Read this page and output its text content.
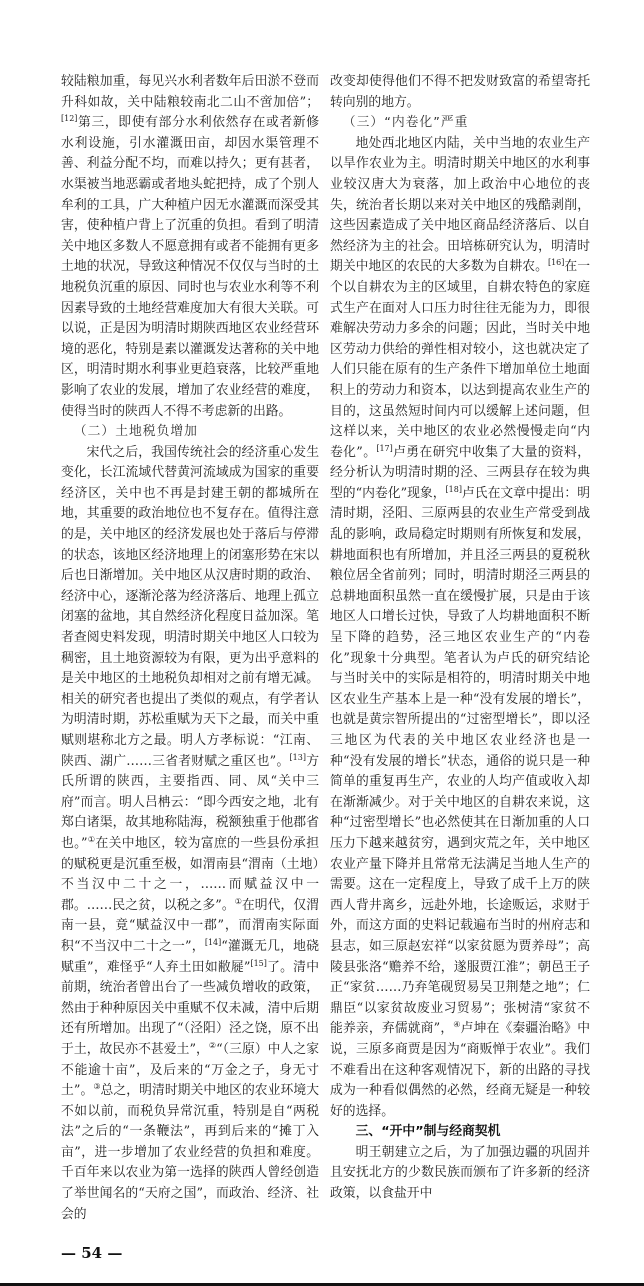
较陆粮加重，每见兴水利者数年后田淤不登而升科如故，关中陆粮较南北二山不啻加倍”；[12]第三，即使有部分水利依然存在或者新修水利设施，引水灌溉田亩，却因水渠管理不善、利益分配不均，而难以持久；更有甚者，水渠被当地恶霸或者地头蛇把持，成了个别人牟利的工具，广大种植户因无水灌溉而深受其害，使种植户背上了沉重的负担。看到了明清关中地区多数人不愿意拥有或者不能拥有更多土地的状况，导致这种情况不仅仅与当时的土地税负沉重的原因、同时也与农业水利等不利因素导致的土地经营难度加大有很大关联。可以说，正是因为明清时期陕西地区农业经营环境的恶化，特别是素以灌溉发达著称的关中地区，明清时期水利事业更趋衰落，比较严重地影响了农业的发展，增加了农业经营的难度，使得当时的陕西人不得不考虑新的出路。

（二）土地税负增加

宋代之后，我国传统社会的经济重心发生变化，长江流域代替黄河流域成为国家的重要经济区，关中也不再是封建王朝的都城所在地，其重要的政治地位也不复存在。值得注意的是，关中地区的经济发展也处于落后与停滞的状态，该地区经济地理上的闭塞形势在宋以后也日渐增加。关中地区从汉唐时期的政治、经济中心，逐渐沦落为经济落后、地理上孤立闭塞的盆地，其自然经济化程度日益加深。笔者查阅史料发现，明清时期关中地区人口较为稠密，且土地资源较为有限，更为出乎意料的是关中地区的土地税负却相对之前有增无减。相关的研究者也提出了类似的观点，有学者认为明清时期，苏松重赋为天下之最，而关中重赋则堪称北方之最。明人方孝标说：“江南、陕西、湖广……三省者财赋之重区也”。[13]方氏所谓的陕西，主要指西、同、凤“关中三府”而言。明人吕柟云：“即今西安之地，北有郑白诸渠，故其地称陆海，税额独重于他郡省也。”①在关中地区，较为富庶的一些县份承担的赋税更是沉重至极，如渭南县“渭南（土地）不当汉中二十之一，……而赋益汉中一郡。……民之贫，以税之多”。①在明代，仅渭南一县，竟“赋益汉中一郡”，而渭南实际面积“不当汉中二十之一”，[14]“灌溉无几，地硗赋重”，难怪乎“人弃土田如敝屣”[15]了。清中前期，统治者曾出台了一些减负增收的政策，然由于种种原因关中重赋不仅未减，清中后期还有所增加。出现了“（泾阳）泾之饶，原不出于土，故民亦不甚爱土”，②“（三原）中人之家不能逾十亩”，及后来的“万金之子，身无寸土”。③总之，明清时期关中地区的农业环境大不如以前，而税负异常沉重，特别是自“两税法”之后的“一条鞭法”，再到后来的“摊丁入亩”，进一步增加了农业经营的负担和难度。千百年来以农业为第一选择的陕西人曾经创造了举世闻名的“天府之国”，而政治、经济、社会的

— 54 —

改变却使得他们不得不把发财致富的希望寄托转向别的地方。

（三）“内卷化”严重

地处西北地区内陆，关中当地的农业生产以旱作农业为主。明清时期关中地区的水利事业较汉唐大为衰落，加上政治中心地位的丧失，统治者长期以来对关中地区的残酷剥削，这些因素造成了关中地区商品经济落后、以自然经济为主的社会。田培栋研究认为，明清时期关中地区的农民的大多数为自耕农。[16]在一个以自耕农为主的区域里，自耕农特色的家庭式生产在面对人口压力时往往无能为力，即很难解决劳动力多余的问题；因此，当时关中地区劳动力供给的弹性相对较小，这也就决定了人们只能在原有的生产条件下增加单位土地面积上的劳动力和资本，以达到提高农业生产的目的，这虽然短时间内可以缓解上述问题，但这样以来，关中地区的农业必然慢慢走向“内卷化”。[17]卢勇在研究中收集了大量的资料，经分析认为明清时期的泾、三两县存在较为典型的“内卷化”现象，[18]卢氏在文章中提出：明清时期，泾阳、三原两县的农业生产常受到战乱的影响，政局稳定时期则有所恢复和发展，耕地面积也有所增加，并且泾三两县的夏税秋粮位居全省前列；同时，明清时期泾三两县的总耕地面积虽然一直在缓慢扩展，只是由于该地区人口增长过快，导致了人均耕地面积不断呈下降的趋势，泾三地区农业生产的“内卷化”现象十分典型。笔者认为卢氏的研究结论与当时关中的实际是相符的，明清时期关中地区农业生产基本上是一种“没有发展的增长”，也就是黄宗智所提出的“过密型增长”，即以泾三地区为代表的关中地区农业经济也是一种“没有发展的增长”状态，通俗的说只是一种简单的重复再生产，农业的人均产值或收入却在渐渐减少。对于关中地区的自耕农来说，这种“过密型增长”也必然使其在日渐加重的人口压力下越来越贫穷，遇到灾荒之年，关中地区农业产量下降并且常常无法满足当地人生产的需要。这在一定程度上，导致了成千上万的陕西人背井离乡，远赴外地，长途贩运，求财于外，而这方面的史料记载遍布当时的州府志和县志，如三原赵宏祥“以家贫愿为贾养母”；高陵县张洛“赡养不给，遂服贾江淮”；朝邑王子正“家贫……乃弃笔砚贸易吴卫荆楚之地”；仁鼎臣“以家贫故废业习贸易”；张树清“家贫不能养亲，弃儒就商”，④卢坤在《秦疆治略》中说，三原多商贾是因为“商贩惮于农业”。我们不难看出在这种客观情况下，新的出路的寻找成为一种看似偶然的必然，经商无疑是一种较好的选择。

三、“开中”制与经商契机

明王朝建立之后，为了加强边疆的巩固并且安抚北方的少数民族而颁布了许多新的经济政策，以食盐开中
